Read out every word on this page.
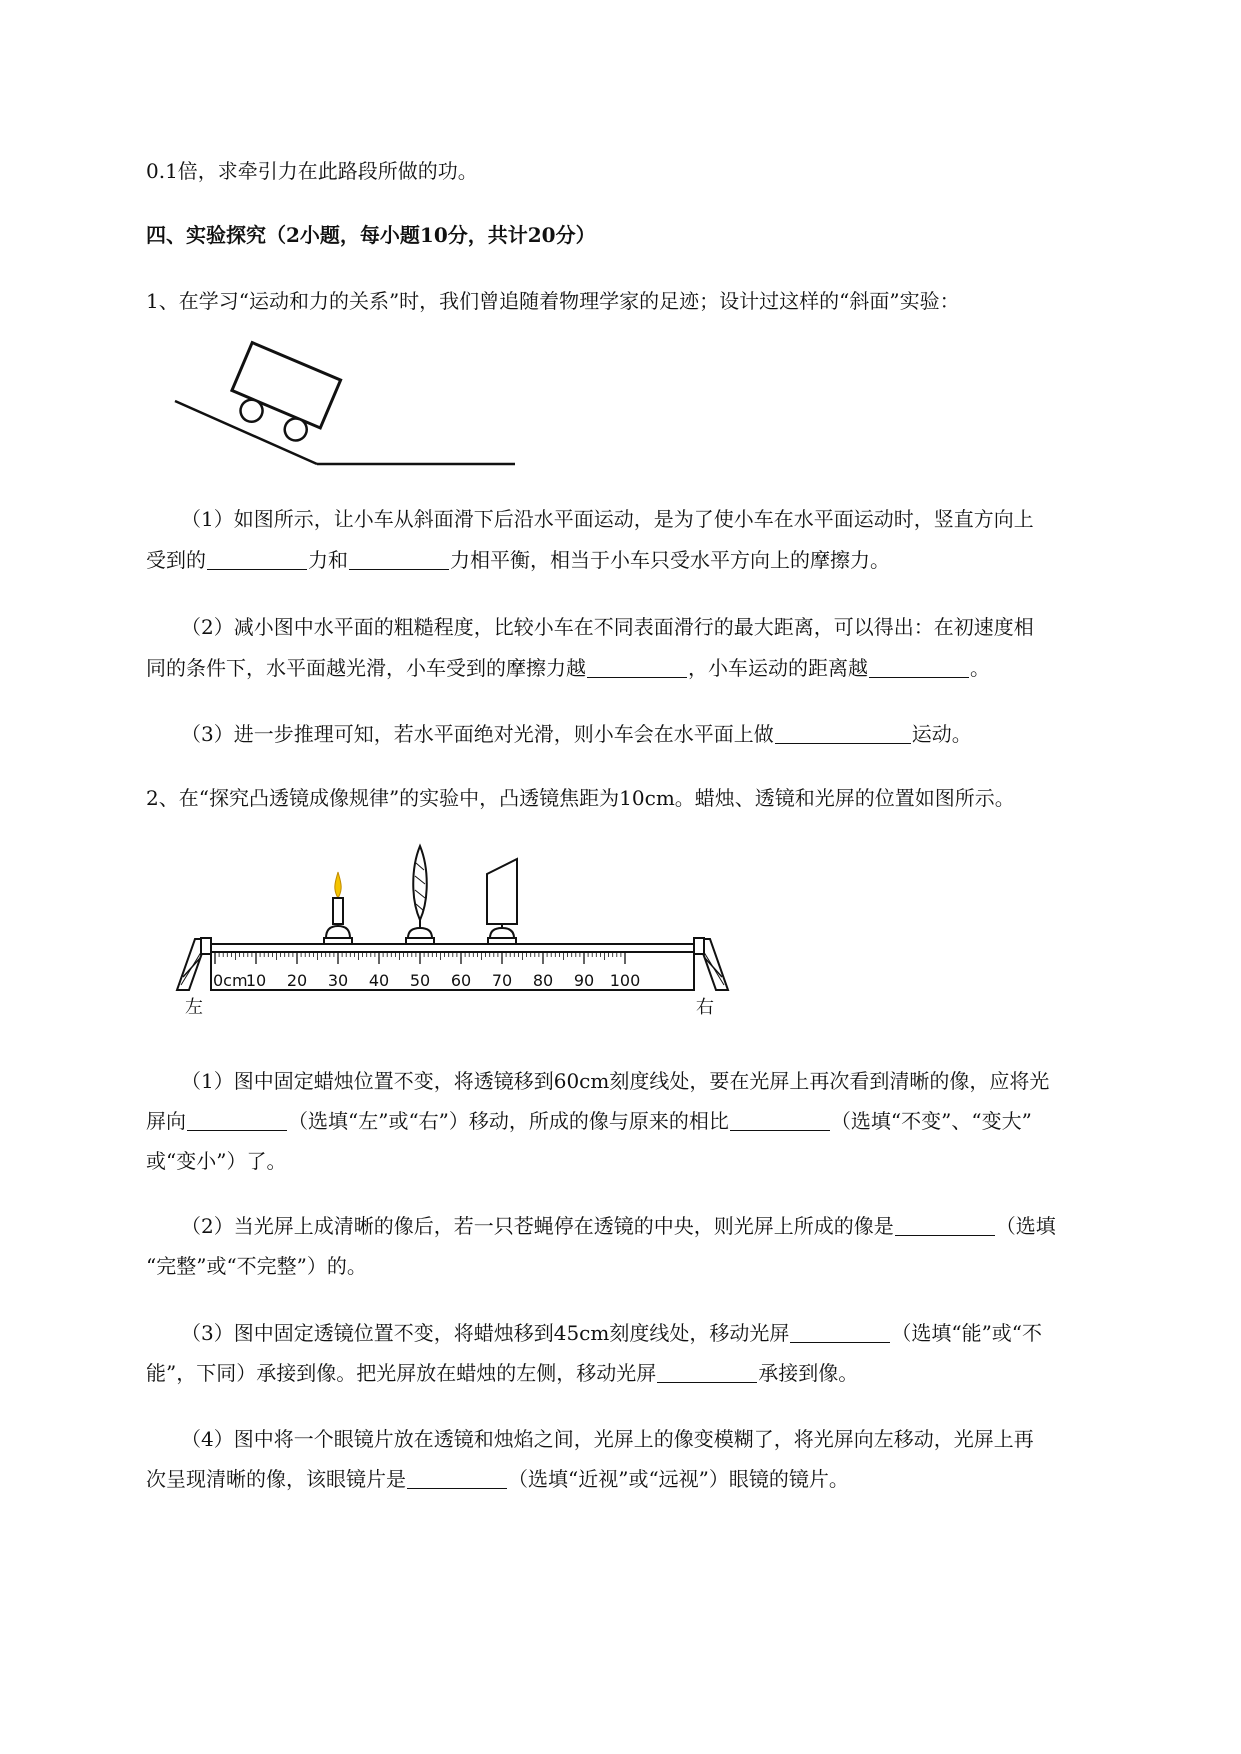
0.1倍，求牵引力在此路段所做的功。
四、实验探究（2小题，每小题10分，共计20分）
1、在学习“运动和力的关系”时，我们曾追随着物理学家的足迹；设计过这样的“斜面”实验：
（1）如图所示，让小车从斜面滑下后沿水平面运动，是为了使小车在水平面运动时，竖直方向上
受到的	力和	力相平衡，相当于小车只受水平方向上的摩擦力。
（2）减小图中水平面的粗糙程度，比较小车在不同表面滑行的最大距离，可以得出：在初速度相
同的条件下，水平面越光滑，小车受到的摩擦力越	，小车运动的距离越	。
（3）进一步推理可知，若水平面绝对光滑，则小车会在水平面上做	运动。
2、在“探究凸透镜成像规律”的实验中，凸透镜焦距为10cm。蜡烛、透镜和光屏的位置如图所示。
0cm
10 20 30 40 50 60 70 80 90 100
左	右
（1）图中固定蜡烛位置不变，将透镜移到60cm刻度线处，要在光屏上再次看到清晰的像，应将光
屏向	（选填“左”或“右”）移动，所成的像与原来的相比	（选填“不变”、“变大”
或“变小”）了。
（2）当光屏上成清晰的像后，若一只苍蝇停在透镜的中央，则光屏上所成的像是	（选填
“完整”或“不完整”）的。
（3）图中固定透镜位置不变，将蜡烛移到45cm刻度线处，移动光屏	（选填“能”或“不
能”，下同）承接到像。把光屏放在蜡烛的左侧，移动光屏	承接到像。
（4）图中将一个眼镜片放在透镜和烛焰之间，光屏上的像变模糊了，将光屏向左移动，光屏上再
次呈现清晰的像，该眼镜片是	（选填“近视”或“远视”）眼镜的镜片。
